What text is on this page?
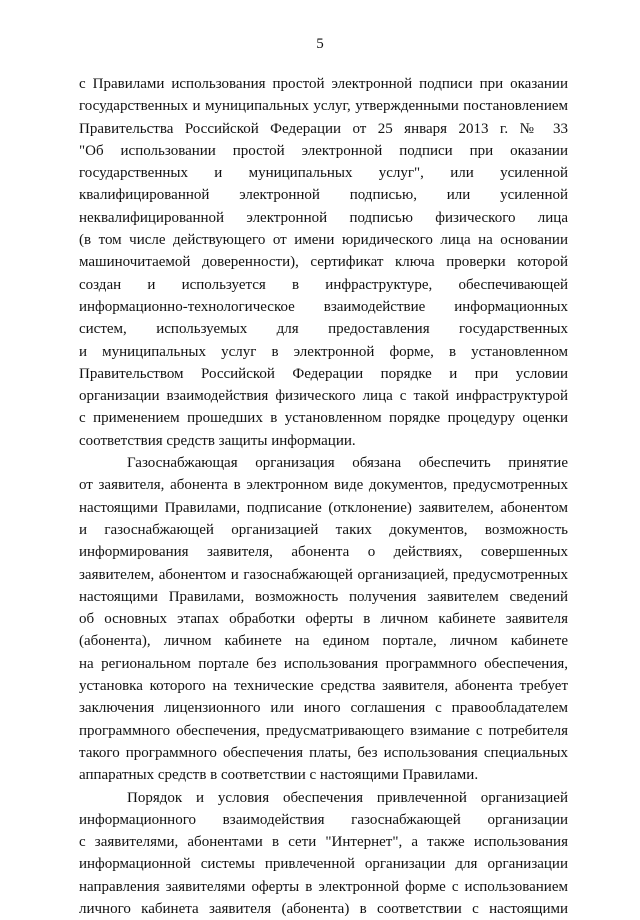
5
с Правилами использования простой электронной подписи при оказании
государственных и муниципальных услуг, утвержденными постановлением
Правительства Российской Федерации от 25 января 2013 г. № 33
"Об использовании простой электронной подписи при оказании
государственных и муниципальных услуг", или усиленной
квалифицированной электронной подписью, или усиленной
неквалифицированной электронной подписью физического лица
(в том числе действующего от имени юридического лица на основании
машиночитаемой доверенности), сертификат ключа проверки которой
создан и используется в инфраструктуре, обеспечивающей
информационно-технологическое взаимодействие информационных
систем, используемых для предоставления государственных
и муниципальных услуг в электронной форме, в установленном
Правительством Российской Федерации порядке и при условии
организации взаимодействия физического лица с такой инфраструктурой
с применением прошедших в установленном порядке процедуру оценки
соответствия средств защиты информации.
Газоснабжающая организация обязана обеспечить принятие
от заявителя, абонента в электронном виде документов, предусмотренных
настоящими Правилами, подписание (отклонение) заявителем, абонентом
и газоснабжающей организацией таких документов, возможность
информирования заявителя, абонента о действиях, совершенных
заявителем, абонентом и газоснабжающей организацией, предусмотренных
настоящими Правилами, возможность получения заявителем сведений
об основных этапах обработки оферты в личном кабинете заявителя
(абонента), личном кабинете на едином портале, личном кабинете
на региональном портале без использования программного обеспечения,
установка которого на технические средства заявителя, абонента требует
заключения лицензионного или иного соглашения с правообладателем
программного обеспечения, предусматривающего взимание с потребителя
такого программного обеспечения платы, без использования специальных
аппаратных средств в соответствии с настоящими Правилами.
Порядок и условия обеспечения привлеченной организацией
информационного взаимодействия газоснабжающей организации
с заявителями, абонентами в сети "Интернет", а также использования
информационной системы привлеченной организации для организации
направления заявителями оферты в электронной форме с использованием
личного кабинета заявителя (абонента) в соответствии с настоящими
